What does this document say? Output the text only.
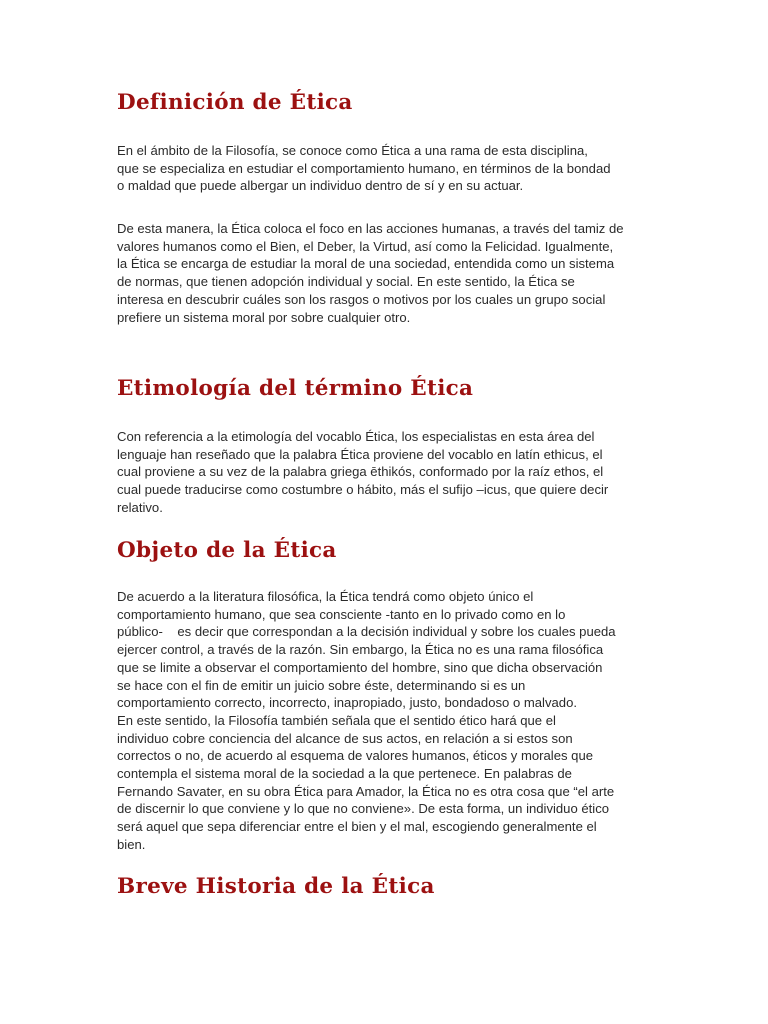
Definición de Ética
En el ámbito de la Filosofía, se conoce como Ética a una rama de esta disciplina,
que se especializa en estudiar el comportamiento humano, en términos de la bondad
o maldad que puede albergar un individuo dentro de sí y en su actuar.
De esta manera, la Ética coloca el foco en las acciones humanas, a través del tamiz de
valores humanos como el Bien, el Deber, la Virtud, así como la Felicidad. Igualmente,
la Ética se encarga de estudiar la moral de una sociedad, entendida como un sistema
de normas, que tienen adopción individual y social. En este sentido, la Ética se
interesa en descubrir cuáles son los rasgos o motivos por los cuales un grupo social
prefiere un sistema moral por sobre cualquier otro.
Etimología del término Ética
Con referencia a la etimología del vocablo Ética, los especialistas en esta área del
lenguaje han reseñado que la palabra Ética proviene del vocablo en latín ethicus, el
cual proviene a su vez de la palabra griega ēthikós, conformado por la raíz ethos, el
cual puede traducirse como costumbre o hábito, más el sufijo –icus, que quiere decir
relativo.
Objeto de la Ética
De acuerdo a la literatura filosófica, la Ética tendrá como objeto único el
comportamiento humano, que sea consciente -tanto en lo privado como en lo
público-    es decir que correspondan a la decisión individual y sobre los cuales pueda
ejercer control, a través de la razón. Sin embargo, la Ética no es una rama filosófica
que se limite a observar el comportamiento del hombre, sino que dicha observación
se hace con el fin de emitir un juicio sobre éste, determinando si es un
comportamiento correcto, incorrecto, inapropiado, justo, bondadoso o malvado.
En este sentido, la Filosofía también señala que el sentido ético hará que el
individuo cobre conciencia del alcance de sus actos, en relación a si estos son
correctos o no, de acuerdo al esquema de valores humanos, éticos y morales que
contempla el sistema moral de la sociedad a la que pertenece. En palabras de
Fernando Savater, en su obra Ética para Amador, la Ética no es otra cosa que “el arte
de discernir lo que conviene y lo que no conviene». De esta forma, un individuo ético
será aquel que sepa diferenciar entre el bien y el mal, escogiendo generalmente el
bien.
Breve Historia de la Ética
